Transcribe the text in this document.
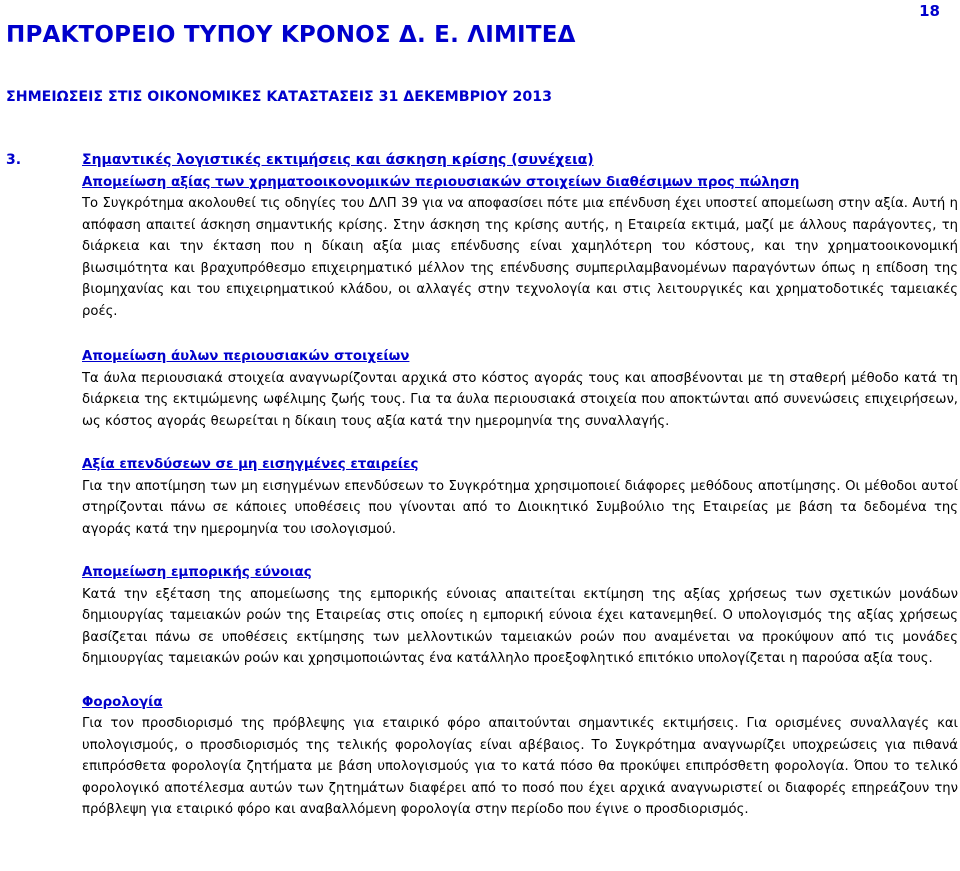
ΠΡΑΚΤΟΡΕΙΟ ΤΥΠΟΥ ΚΡΟΝΟΣ Δ. Ε. ΛΙΜΙΤΕΔ
18
ΣΗΜΕΙΩΣΕΙΣ ΣΤΙΣ ΟΙΚΟΝΟΜΙΚΕΣ ΚΑΤΑΣΤΑΣΕΙΣ 31 ΔΕΚΕΜΒΡΙΟΥ 2013
3.	Σημαντικές λογιστικές εκτιμήσεις και άσκηση κρίσης (συνέχεια)
Απομείωση αξίας των χρηματοοικονομικών περιουσιακών στοιχείων διαθέσιμων προς πώληση

Το Συγκρότημα ακολουθεί τις οδηγίες του ΔΛΠ 39 για να αποφασίσει πότε μια επένδυση έχει υποστεί απομείωση στην αξία. Αυτή η απόφαση απαιτεί άσκηση σημαντικής κρίσης. Στην άσκηση της κρίσης αυτής, η Εταιρεία εκτιμά, μαζί με άλλους παράγοντες, τη διάρκεια και την έκταση που η δίκαιη αξία μιας επένδυσης είναι χαμηλότερη του κόστους, και την χρηματοοικονομική βιωσιμότητα και βραχυπρόθεσμο επιχειρηματικό μέλλον της επένδυσης συμπεριλαμβανομένων παραγόντων όπως η επίδοση της βιομηχανίας και του επιχειρηματικού κλάδου, οι αλλαγές στην τεχνολογία και στις λειτουργικές και χρηματοδοτικές ταμειακές ροές.

Απομείωση άυλων περιουσιακών στοιχείων

Τα άυλα περιουσιακά στοιχεία αναγνωρίζονται αρχικά στο κόστος αγοράς τους και αποσβένονται με τη σταθερή μέθοδο κατά τη διάρκεια της εκτιμώμενης ωφέλιμης ζωής τους. Για τα άυλα περιουσιακά στοιχεία που αποκτώνται από συνενώσεις επιχειρήσεων, ως κόστος αγοράς θεωρείται η δίκαιη τους αξία κατά την ημερομηνία της συναλλαγής.

Αξία επενδύσεων σε μη εισηγμένες εταιρείες

Για την αποτίμηση των μη εισηγμένων επενδύσεων το Συγκρότημα χρησιμοποιεί διάφορες μεθόδους αποτίμησης. Οι μέθοδοι αυτοί στηρίζονται πάνω σε κάποιες υποθέσεις που γίνονται από το Διοικητικό Συμβούλιο της Εταιρείας με βάση τα δεδομένα της αγοράς κατά την ημερομηνία του ισολογισμού.

Απομείωση εμπορικής εύνοιας

Κατά την εξέταση της απομείωσης της εμπορικής εύνοιας απαιτείται εκτίμηση της αξίας χρήσεως των σχετικών μονάδων δημιουργίας ταμειακών ροών της Εταιρείας στις οποίες η εμπορική εύνοια έχει κατανεμηθεί. Ο υπολογισμός της αξίας χρήσεως βασίζεται πάνω σε υποθέσεις εκτίμησης των μελλοντικών ταμειακών ροών που αναμένεται να προκύψουν από τις μονάδες δημιουργίας ταμειακών ροών και χρησιμοποιώντας ένα κατάλληλο προεξοφλητικό επιτόκιο υπολογίζεται η παρούσα αξία τους.

Φορολογία

Για τον προσδιορισμό της πρόβλεψης για εταιρικό φόρο απαιτούνται σημαντικές εκτιμήσεις. Για ορισμένες συναλλαγές και υπολογισμούς, ο προσδιορισμός της τελικής φορολογίας είναι αβέβαιος. Το Συγκρότημα αναγνωρίζει υποχρεώσεις για πιθανά επιπρόσθετα φορολογία ζητήματα με βάση υπολογισμούς για το κατά πόσο θα προκύψει επιπρόσθετη φορολογία. Όπου το τελικό φορολογικό αποτέλεσμα αυτών των ζητημάτων διαφέρει από το ποσό που έχει αρχικά αναγνωριστεί οι διαφορές επηρεάζουν την πρόβλεψη για εταιρικό φόρο και αναβαλλόμενη φορολογία στην περίοδο που έγινε ο προσδιορισμός.
